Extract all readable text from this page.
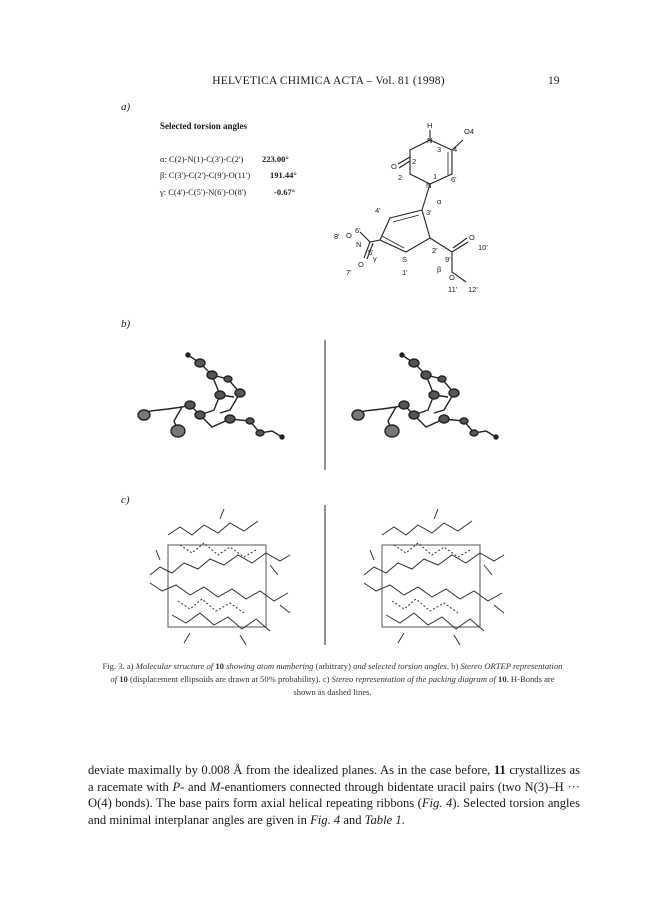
HELVETICA CHIMICA ACTA – Vol. 81 (1998)	19
a)
b)
c)
Selected torsion angles
α: C(2)-N(1)-C(3')-C(2') 223.00°
β: C(3')-C(2')-C(9')-O(11') 191.44°
γ: C(4')-C(5')-N(6')-O(8')	-0.67°
H
N
O4
3 4
O
2
2	1
N
6'
α
4'	3'
8' O
6'
5'
N
γ
2'
9'
O
10'
S
β
7'
O
1'
O
11' 12'
Fig. 3. a) Molecular structure of 10 showing atom numbering (arbitrary) and selected torsion angles. b) Stereo ORTEP representation of 10 (displacement ellipsoids are drawn at 50% probability). c) Stereo representation of the packing diagram of 10. H-Bonds are shown as dashed lines.
deviate maximally by 0.008 Å from the idealized planes. As in the case before, 11 crystallizes as a racemate with P- and M-enantiomers connected through bidentate uracil pairs (two N(3)–H ··· O(4) bonds). The base pairs form axial helical repeating ribbons (Fig. 4). Selected torsion angles and minimal interplanar angles are given in Fig. 4 and Table 1.
